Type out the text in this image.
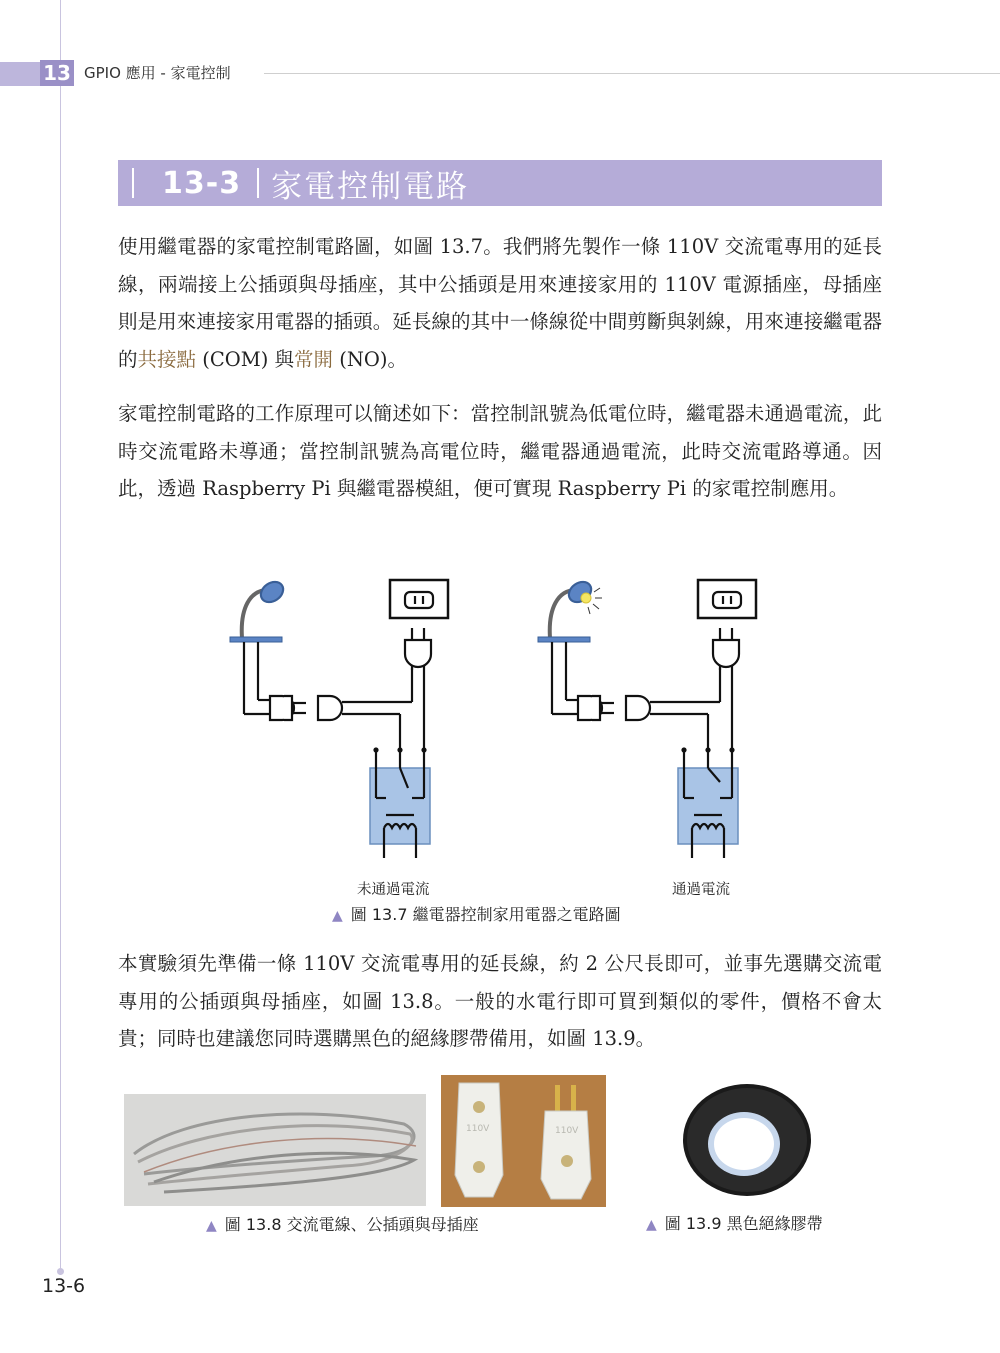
13 GPIO 應用 - 家電控制
13-3 家電控制電路

使用繼電器的家電控制電路圖，如圖 13.7。我們將先製作一條 110V 交流電專用的延長線，兩端接上公插頭與母插座，其中公插頭是用來連接家用的 110V 電源插座，母插座則是用來連接家用電器的插頭。延長線的其中一條線從中間剪斷與剝線，用來連接繼電器的共接點 (COM) 與常開 (NO)。

家電控制電路的工作原理可以簡述如下：當控制訊號為低電位時，繼電器未通過電流，此時交流電路未導通；當控制訊號為高電位時，繼電器通過電流，此時交流電路導通。因此，透過 Raspberry Pi 與繼電器模組，便可實現 Raspberry Pi 的家電控制應用。

未通過電流	通過電流
▲ 圖 13.7 繼電器控制家用電器之電路圖

本實驗須先準備一條 110V 交流電專用的延長線，約 2 公尺長即可，並事先選購交流電專用的公插頭與母插座，如圖 13.8。一般的水電行即可買到類似的零件，價格不會太貴；同時也建議您同時選購黑色的絕緣膠帶備用，如圖 13.9。

110V	110V
▲ 圖 13.8 交流電線、公插頭與母插座	▲ 圖 13.9 黑色絕緣膠帶
13-6
